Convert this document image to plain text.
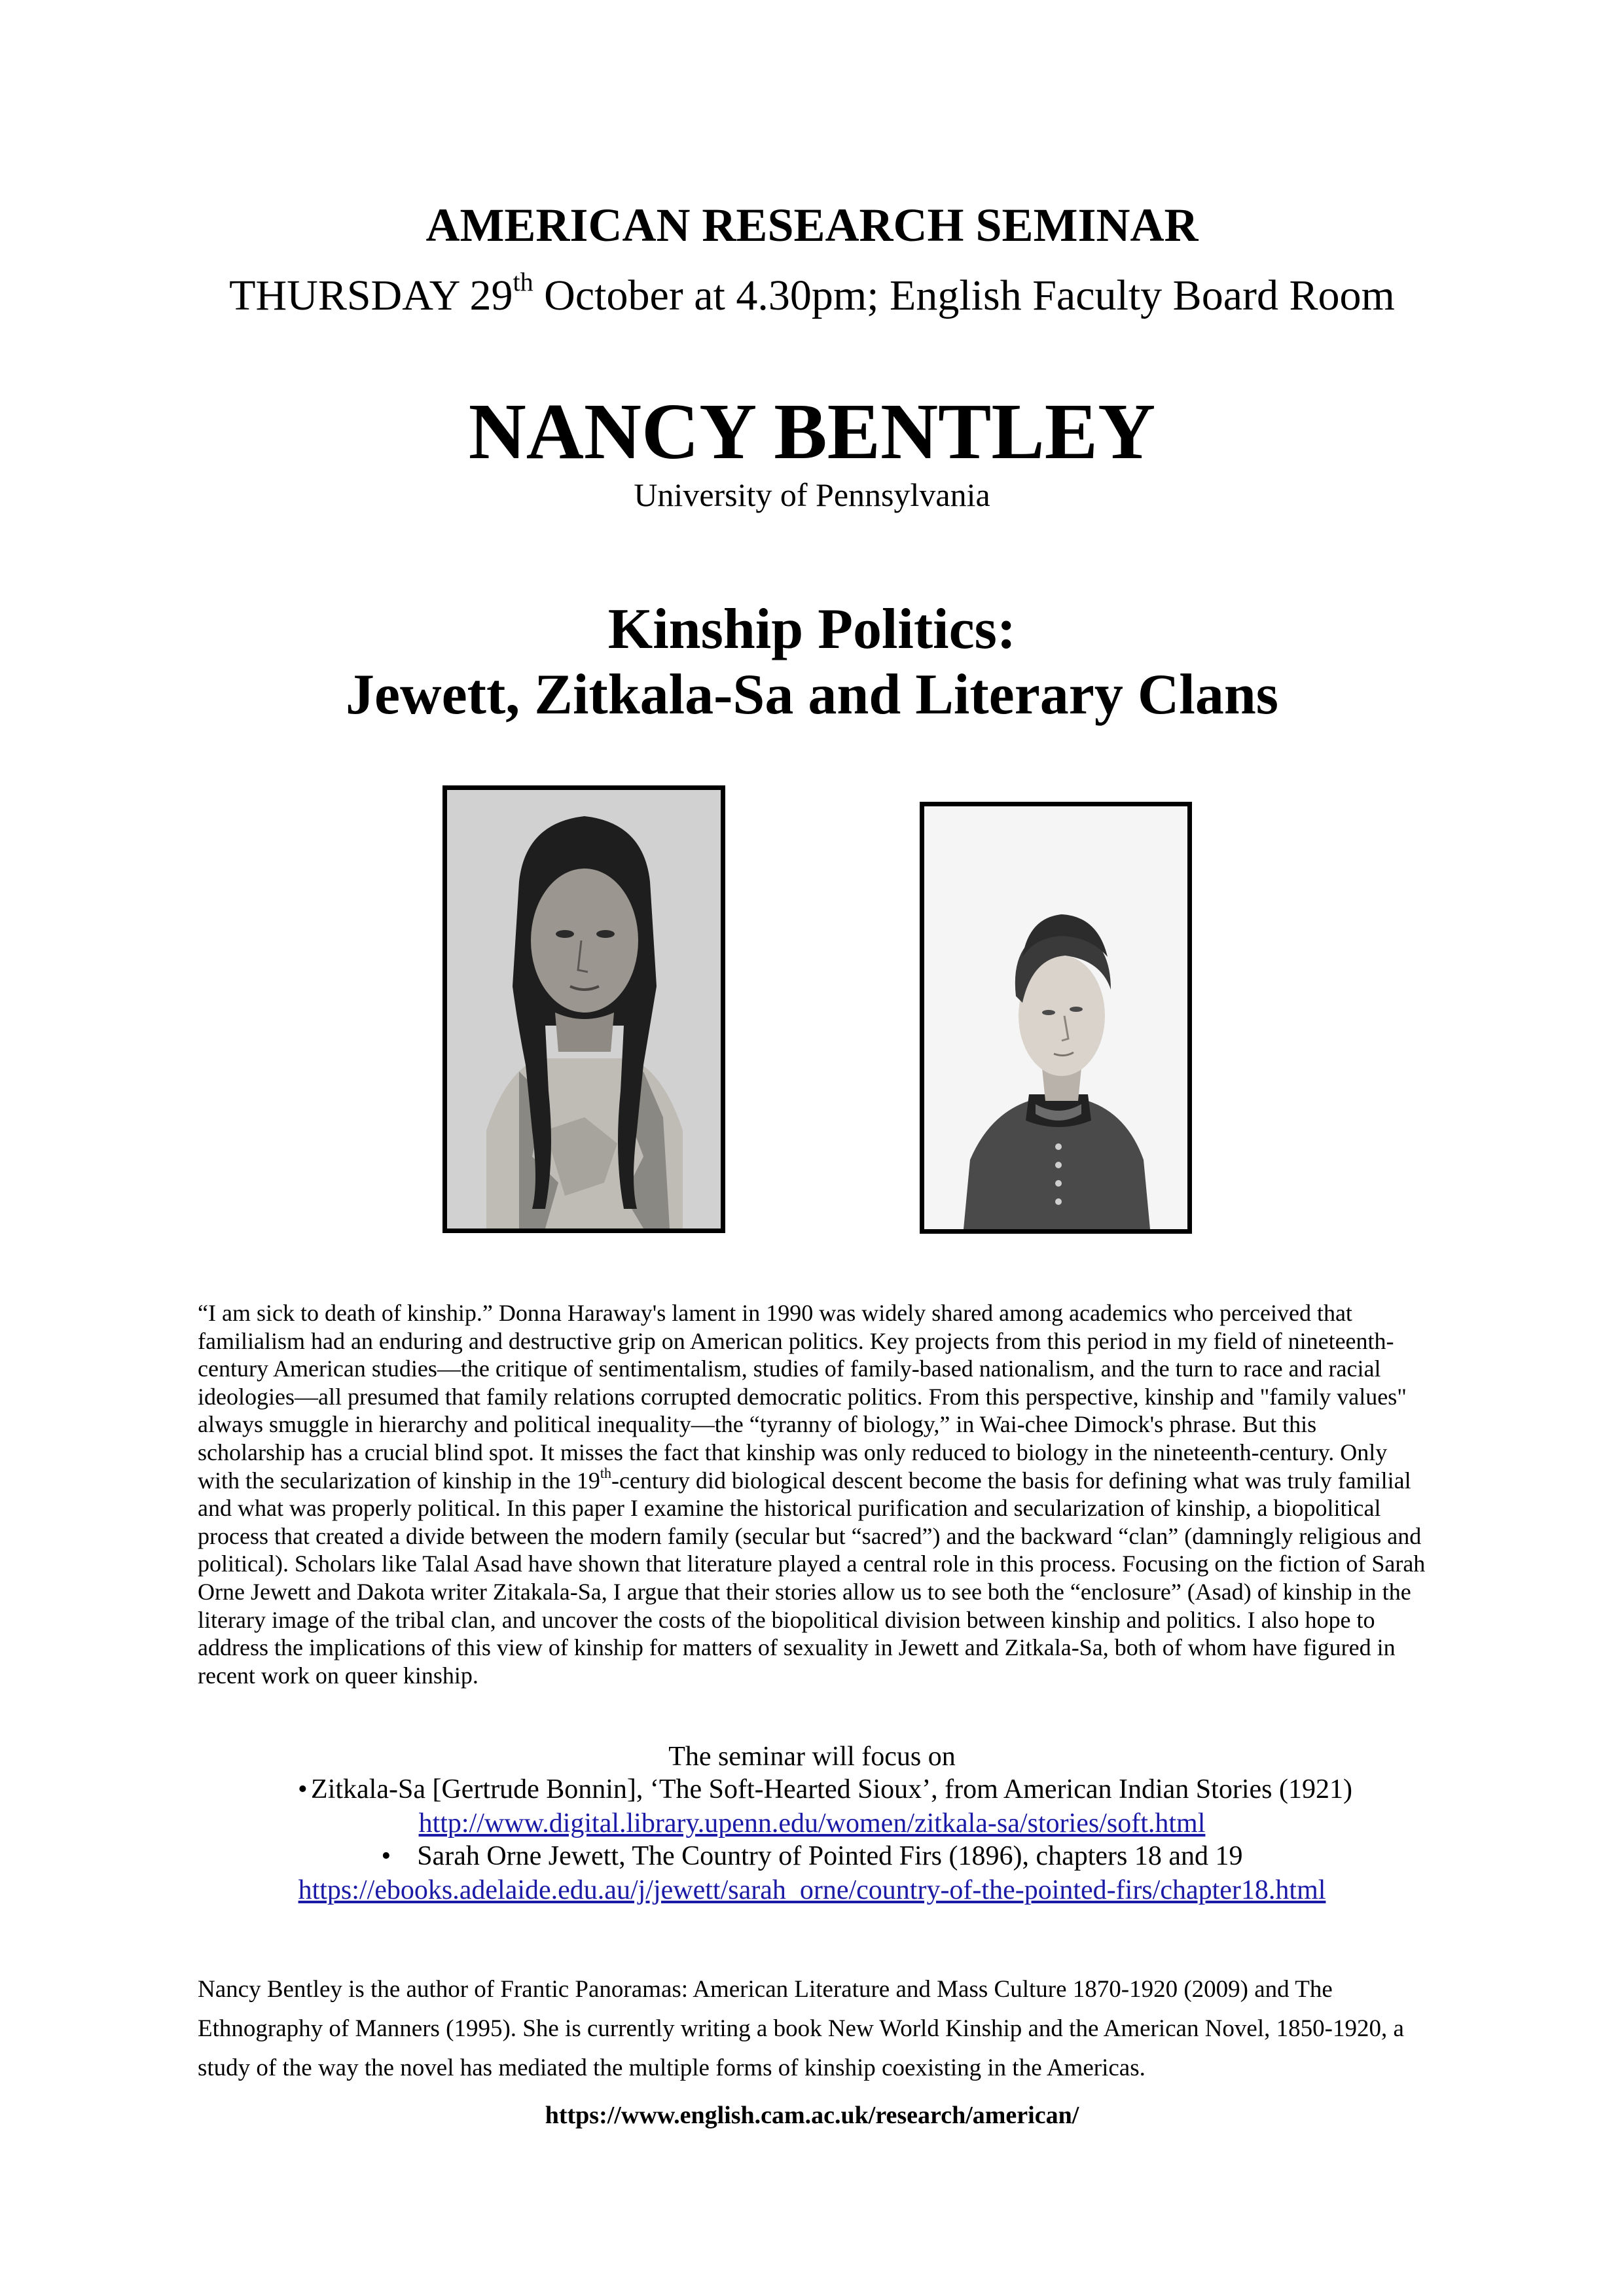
AMERICAN RESEARCH SEMINAR
THURSDAY 29th October at 4.30pm; English Faculty Board Room
NANCY BENTLEY
University of Pennsylvania
Kinship Politics:
Jewett, Zitkala-Sa and Literary Clans

“I am sick to death of kinship.” Donna Haraway's lament in 1990 was widely shared among academics who perceived that familialism had an enduring and destructive grip on American politics. Key projects from this period in my field of nineteenth-century American studies—the critique of sentimentalism, studies of family-based nationalism, and the turn to race and racial ideologies—all presumed that family relations corrupted democratic politics. From this perspective, kinship and "family values" always smuggle in hierarchy and political inequality—the “tyranny of biology,” in Wai-chee Dimock's phrase. But this scholarship has a crucial blind spot. It misses the fact that kinship was only reduced to biology in the nineteenth-century. Only with the secularization of kinship in the 19th-century did biological descent become the basis for defining what was truly familial and what was properly political. In this paper I examine the historical purification and secularization of kinship, a biopolitical process that created a divide between the modern family (secular but “sacred”) and the backward “clan” (damningly religious and political). Scholars like Talal Asad have shown that literature played a central role in this process. Focusing on the fiction of Sarah Orne Jewett and Dakota writer Zitakala-Sa, I argue that their stories allow us to see both the “enclosure” (Asad) of kinship in the literary image of the tribal clan, and uncover the costs of the biopolitical division between kinship and politics. I also hope to address the implications of this view of kinship for matters of sexuality in Jewett and Zitkala-Sa, both of whom have figured in recent work on queer kinship.

The seminar will focus on
• Zitkala-Sa [Gertrude Bonnin], ‘The Soft-Hearted Sioux’, from American Indian Stories (1921)
http://www.digital.library.upenn.edu/women/zitkala-sa/stories/soft.html
• Sarah Orne Jewett, The Country of Pointed Firs (1896), chapters 18 and 19
https://ebooks.adelaide.edu.au/j/jewett/sarah_orne/country-of-the-pointed-firs/chapter18.html

Nancy Bentley is the author of Frantic Panoramas: American Literature and Mass Culture 1870-1920 (2009) and The Ethnography of Manners (1995). She is currently writing a book New World Kinship and the American Novel, 1850-1920, a study of the way the novel has mediated the multiple forms of kinship coexisting in the Americas.

https://www.english.cam.ac.uk/research/american/
